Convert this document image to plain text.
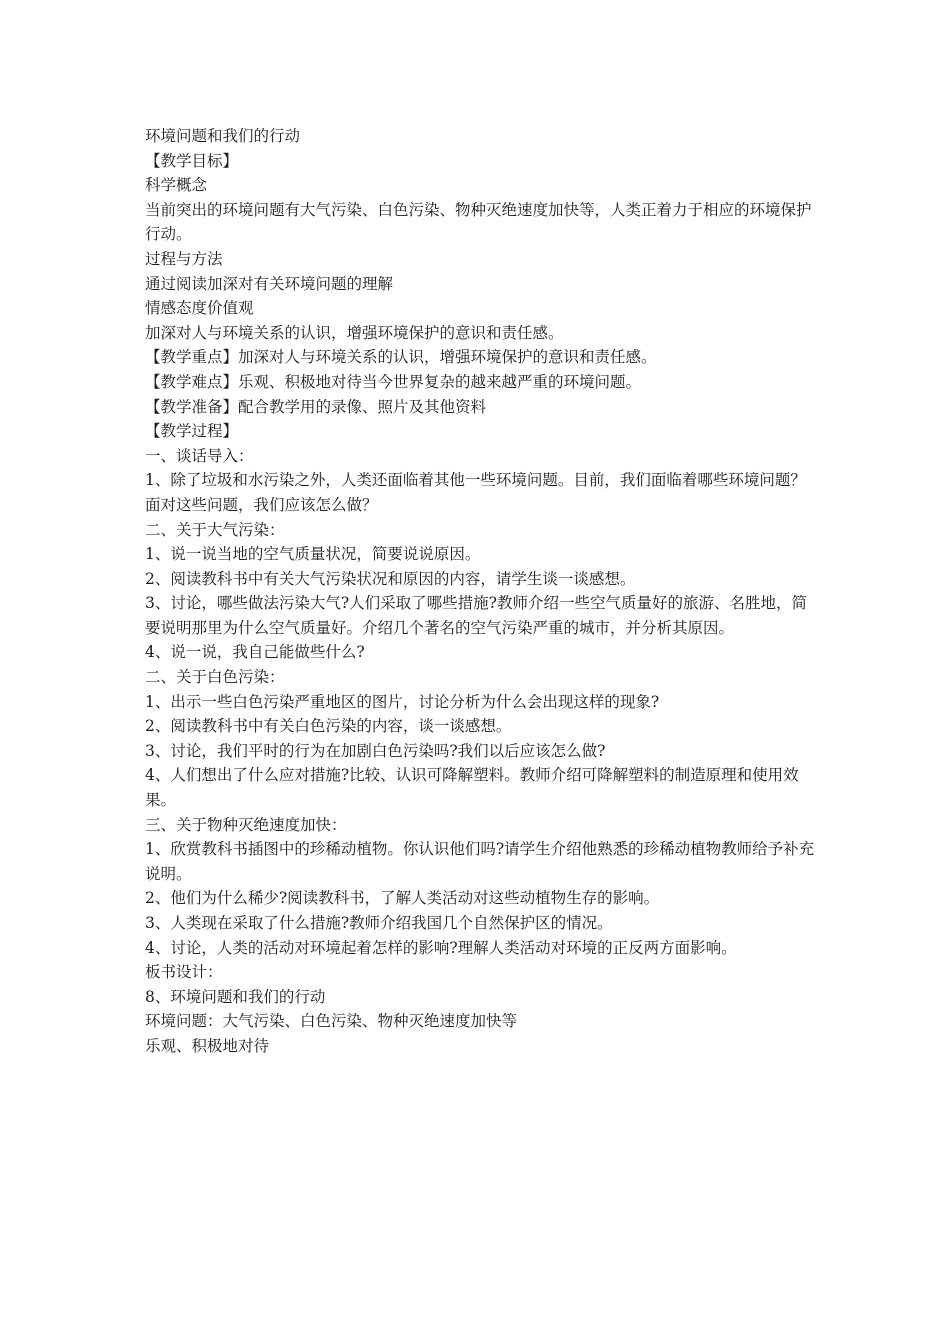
环境问题和我们的行动

【教学目标】

科学概念

当前突出的环境问题有大气污染、白色污染、物种灭绝速度加快等，人类正着力于相应的环境保护行动。

过程与方法

通过阅读加深对有关环境问题的理解

情感态度价值观

加深对人与环境关系的认识，增强环境保护的意识和责任感。

【教学重点】加深对人与环境关系的认识，增强环境保护的意识和责任感。

【教学难点】乐观、积极地对待当今世界复杂的越来越严重的环境问题。

【教学准备】配合教学用的录像、照片及其他资料

【教学过程】

一、谈话导入：

1、除了垃圾和水污染之外，人类还面临着其他一些环境问题。目前，我们面临着哪些环境问题？面对这些问题，我们应该怎么做？

二、关于大气污染：

1、说一说当地的空气质量状况，简要说说原因。

2、阅读教科书中有关大气污染状况和原因的内容，请学生谈一谈感想。

3、讨论，哪些做法污染大气?人们采取了哪些措施?教师介绍一些空气质量好的旅游、名胜地，简要说明那里为什么空气质量好。介绍几个著名的空气污染严重的城市，并分析其原因。

4、说一说，我自己能做些什么?

二、关于白色污染：

1、出示一些白色污染严重地区的图片，讨论分析为什么会出现这样的现象?

2、阅读教科书中有关白色污染的内容，谈一谈感想。

3、讨论，我们平时的行为在加剧白色污染吗?我们以后应该怎么做?

4、人们想出了什么应对措施?比较、认识可降解塑料。教师介绍可降解塑料的制造原理和使用效果。

三、关于物种灭绝速度加快：

1、欣赏教科书插图中的珍稀动植物。你认识他们吗?请学生介绍他熟悉的珍稀动植物教师给予补充说明。

2、他们为什么稀少?阅读教科书，了解人类活动对这些动植物生存的影响。

3、人类现在采取了什么措施?教师介绍我国几个自然保护区的情况。

4、讨论，人类的活动对环境起着怎样的影响?理解人类活动对环境的正反两方面影响。

板书设计：

8、环境问题和我们的行动

环境问题：大气污染、白色污染、物种灭绝速度加快等

乐观、积极地对待
